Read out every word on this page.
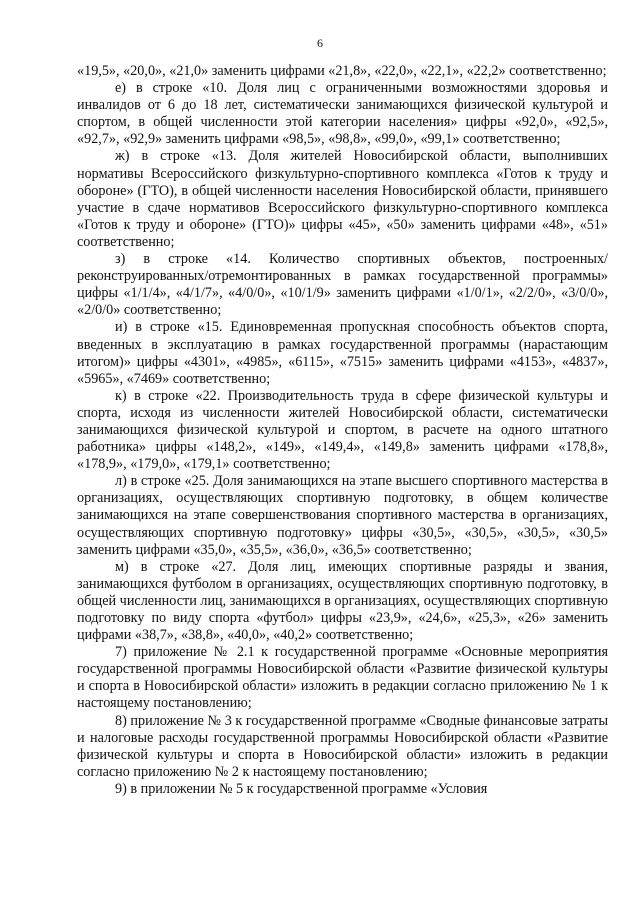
6

«19,5», «20,0», «21,0» заменить цифрами «21,8», «22,0», «22,1», «22,2» соответственно;

е) в строке «10. Доля лиц с ограниченными возможностями здоровья и инвалидов от 6 до 18 лет, систематически занимающихся физической культурой и спортом, в общей численности этой категории населения» цифры «92,0», «92,5», «92,7», «92,9» заменить цифрами «98,5», «98,8», «99,0», «99,1» соответственно;

ж) в строке «13. Доля жителей Новосибирской области, выполнивших нормативы Всероссийского физкультурно-спортивного комплекса «Готов к труду и обороне» (ГТО), в общей численности населения Новосибирской области, принявшего участие в сдаче нормативов Всероссийского физкультурно-спортивного комплекса «Готов к труду и обороне» (ГТО)» цифры «45», «50» заменить цифрами «48», «51» соответственно;

з) в строке «14. Количество спортивных объектов, построенных/ реконструированных/отремонтированных в рамках государственной программы» цифры «1/1/4», «4/1/7», «4/0/0», «10/1/9» заменить цифрами «1/0/1», «2/2/0», «3/0/0», «2/0/0» соответственно;

и) в строке «15. Единовременная пропускная способность объектов спорта, введенных в эксплуатацию в рамках государственной программы (нарастающим итогом)» цифры «4301», «4985», «6115», «7515» заменить цифрами «4153», «4837», «5965», «7469» соответственно;

к) в строке «22. Производительность труда в сфере физической культуры и спорта, исходя из численности жителей Новосибирской области, систематически занимающихся физической культурой и спортом, в расчете на одного штатного работника» цифры «148,2», «149», «149,4», «149,8» заменить цифрами «178,8», «178,9», «179,0», «179,1» соответственно;

л) в строке «25. Доля занимающихся на этапе высшего спортивного мастерства в организациях, осуществляющих спортивную подготовку, в общем количестве занимающихся на этапе совершенствования спортивного мастерства в организациях, осуществляющих спортивную подготовку» цифры «30,5», «30,5», «30,5», «30,5» заменить цифрами «35,0», «35,5», «36,0», «36,5» соответственно;

м) в строке «27. Доля лиц, имеющих спортивные разряды и звания, занимающихся футболом в организациях, осуществляющих спортивную подготовку, в общей численности лиц, занимающихся в организациях, осуществляющих спортивную подготовку по виду спорта «футбол» цифры «23,9», «24,6», «25,3», «26» заменить цифрами «38,7», «38,8», «40,0», «40,2» соответственно;

7) приложение № 2.1 к государственной программе «Основные мероприятия государственной программы Новосибирской области «Развитие физической культуры и спорта в Новосибирской области» изложить в редакции согласно приложению № 1 к настоящему постановлению;

8) приложение № 3 к государственной программе «Сводные финансовые затраты и налоговые расходы государственной программы Новосибирской области «Развитие физической культуры и спорта в Новосибирской области» изложить в редакции согласно приложению № 2 к настоящему постановлению;

9) в приложении № 5 к государственной программе «Условия
